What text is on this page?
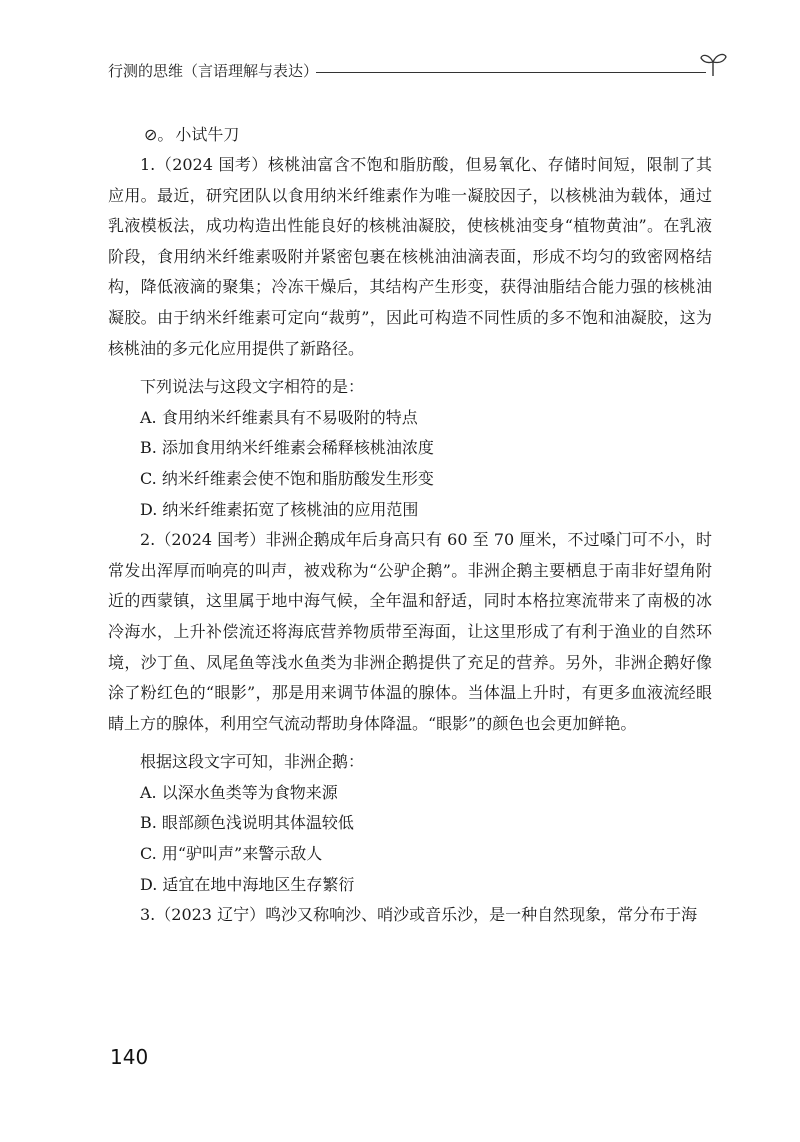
行测的思维（言语理解与表达）
⊘。 小试牛刀

1.（2024 国考）核桃油富含不饱和脂肪酸，但易氧化、存储时间短，限制了其应用。最近，研究团队以食用纳米纤维素作为唯一凝胶因子，以核桃油为载体，通过乳液模板法，成功构造出性能良好的核桃油凝胶，使核桃油变身“植物黄油”。在乳液阶段，食用纳米纤维素吸附并紧密包裹在核桃油油滴表面，形成不均匀的致密网格结构，降低液滴的聚集；冷冻干燥后，其结构产生形变，获得油脂结合能力强的核桃油凝胶。由于纳米纤维素可定向“裁剪”，因此可构造不同性质的多不饱和油凝胶，这为核桃油的多元化应用提供了新路径。

下列说法与这段文字相符的是：

A. 食用纳米纤维素具有不易吸附的特点

B. 添加食用纳米纤维素会稀释核桃油浓度

C. 纳米纤维素会使不饱和脂肪酸发生形变

D. 纳米纤维素拓宽了核桃油的应用范围

2.（2024 国考）非洲企鹅成年后身高只有 60 至 70 厘米，不过嗓门可不小，时常发出浑厚而响亮的叫声，被戏称为“公驴企鹅”。非洲企鹅主要栖息于南非好望角附近的西蒙镇，这里属于地中海气候，全年温和舒适，同时本格拉寒流带来了南极的冰冷海水，上升补偿流还将海底营养物质带至海面，让这里形成了有利于渔业的自然环境，沙丁鱼、凤尾鱼等浅水鱼类为非洲企鹅提供了充足的营养。另外，非洲企鹅好像涂了粉红色的“眼影”，那是用来调节体温的腺体。当体温上升时，有更多血液流经眼睛上方的腺体，利用空气流动帮助身体降温。“眼影”的颜色也会更加鲜艳。

根据这段文字可知，非洲企鹅：

A. 以深水鱼类等为食物来源

B. 眼部颜色浅说明其体温较低

C. 用“驴叫声”来警示敌人

D. 适宜在地中海地区生存繁衍

3.（2023 辽宁）鸣沙又称响沙、哨沙或音乐沙，是一种自然现象，常分布于海

140
